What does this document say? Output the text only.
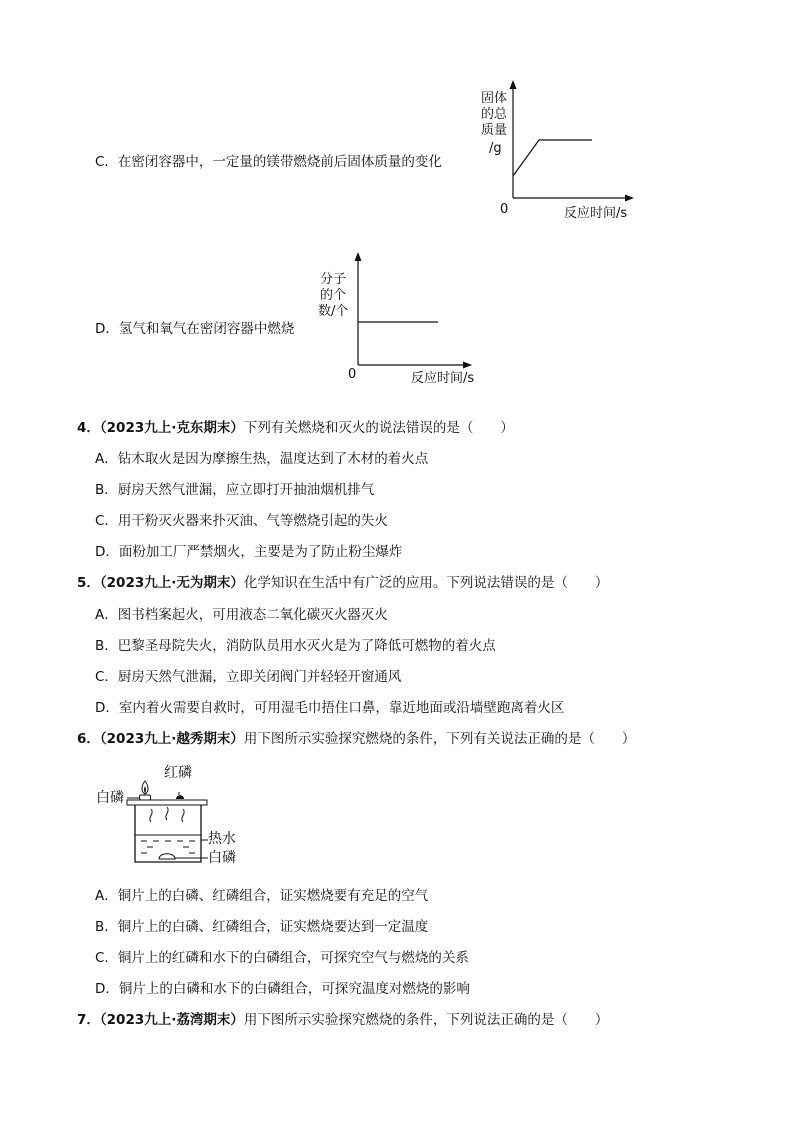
C．在密闭容器中，一定量的镁带燃烧前后固体质量的变化
固体
的总
质量
/g
0	反应时间/s
D．氢气和氧气在密闭容器中燃烧
分子
的个
数/个
0	反应时间/s
4．（2023九上·克东期末）下列有关燃烧和灭火的说法错误的是（　　）
A．钻木取火是因为摩擦生热，温度达到了木材的着火点
B．厨房天然气泄漏，应立即打开抽油烟机排气
C．用干粉灭火器来扑灭油、气等燃烧引起的失火
D．面粉加工厂严禁烟火，主要是为了防止粉尘爆炸
5．（2023九上·无为期末）化学知识在生活中有广泛的应用。下列说法错误的是（　　）
A．图书档案起火，可用液态二氧化碳灭火器灭火
B．巴黎圣母院失火，消防队员用水灭火是为了降低可燃物的着火点
C．厨房天然气泄漏，立即关闭阀门并轻轻开窗通风
D．室内着火需要自救时，可用湿毛巾捂住口鼻，靠近地面或沿墙壁跑离着火区
6．（2023九上·越秀期末）用下图所示实验探究燃烧的条件，下列有关说法正确的是（　　）
红磷
白磷
热水
白磷
A．铜片上的白磷、红磷组合，证实燃烧要有充足的空气
B．铜片上的白磷、红磷组合，证实燃烧要达到一定温度
C．铜片上的红磷和水下的白磷组合，可探究空气与燃烧的关系
D．铜片上的白磷和水下的白磷组合，可探究温度对燃烧的影响
7．（2023九上·荔湾期末）用下图所示实验探究燃烧的条件，下列说法正确的是（　　）
